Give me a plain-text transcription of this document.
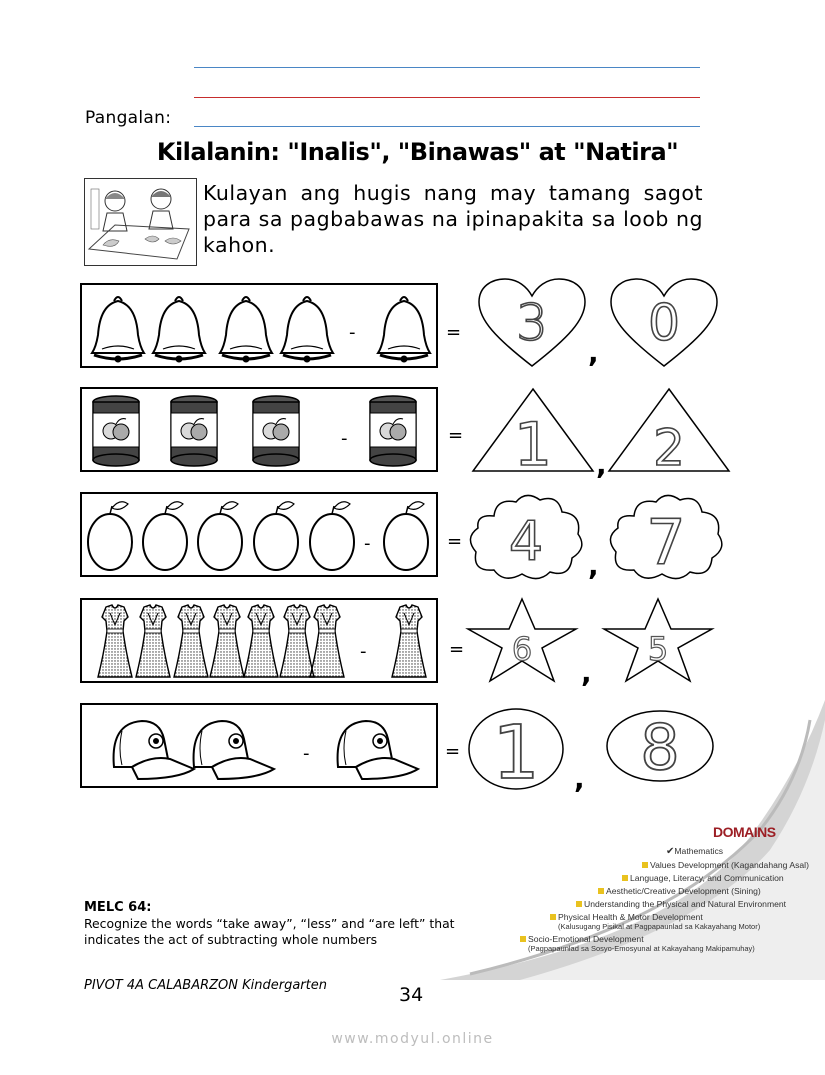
Pangalan:
Kilalanin: "Inalis", "Binawas" at "Natira"
Kulayan ang hugis nang may tamang sagot para sa pagbabawas na ipinapakita sa loob ng kahon.
-	= 3 0
,
-	= 1 2
,
-	= 4 7
,
-	= 6	5
,
-	= 1 8
,
DOMAINS
✔Mathematics
Values Development (Kagandahang Asal)
Language, Literacy, and Communication
Aesthetic/Creative Development (Sining)
Understanding the Physical and Natural Environment
Physical Health & Motor Development
(Kalusugang Pisikal at Pagpapaunlad sa Kakayahang Motor)
Socio-Emotional Development
(Pagpapaunlad sa Sosyo-Emosyunal at Kakayahang Makipamuhay)
MELC 64:
Recognize the words “take away”, “less” and “are left” that indicates the act of subtracting whole numbers
PIVOT 4A CALABARZON Kindergarten	34
www.modyul.online
